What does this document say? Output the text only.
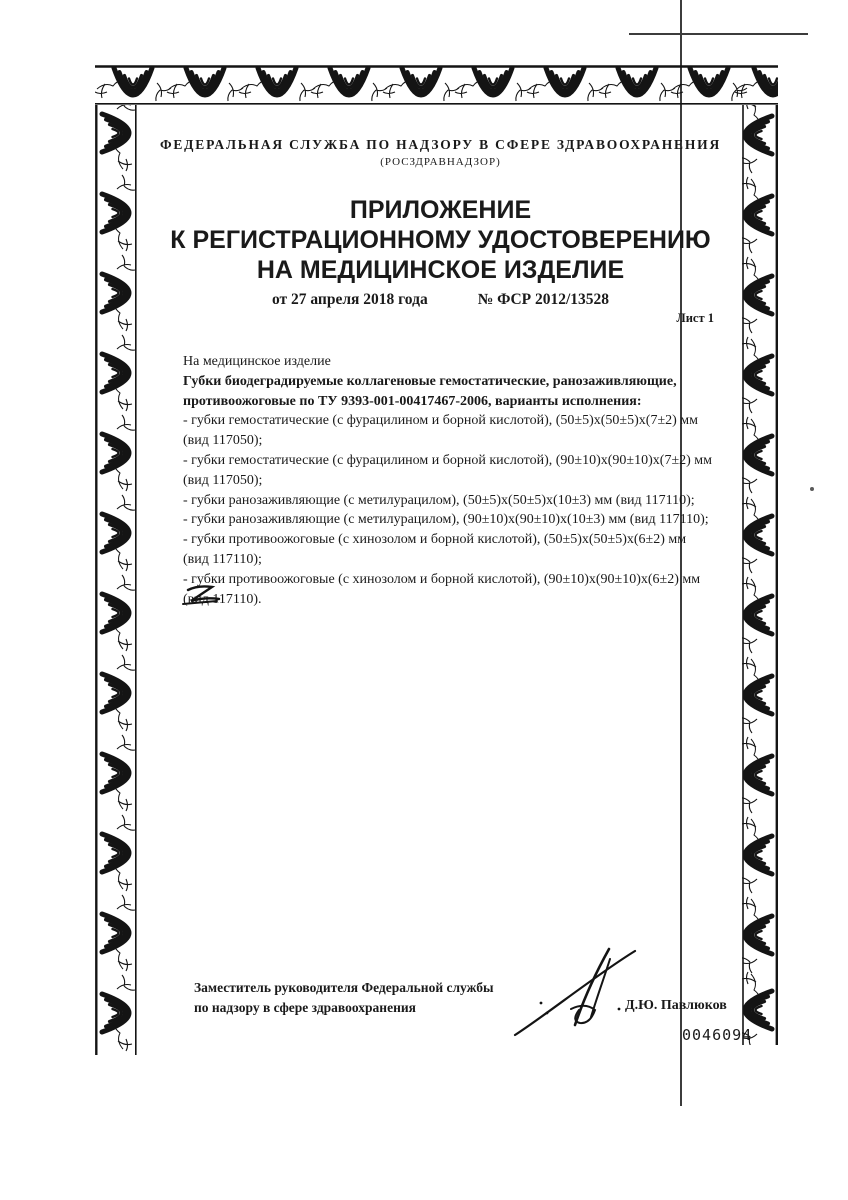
ФЕДЕРАЛЬНАЯ СЛУЖБА ПО НАДЗОРУ В СФЕРЕ ЗДРАВООХРАНЕНИЯ
(РОСЗДРАВНАДЗОР)
ПРИЛОЖЕНИЕ
К РЕГИСТРАЦИОННОМУ УДОСТОВЕРЕНИЮ
НА МЕДИЦИНСКОЕ ИЗДЕЛИЕ
от 27 апреля 2018 года	№ ФСР 2012/13528
Лист 1
На медицинское изделие
Губки биодеградируемые коллагеновые гемостатические, ранозаживляющие,
противоожоговые по ТУ 9393-001-00417467-2006, варианты исполнения:
- губки гемостатические (с фурацилином и борной кислотой), (50±5)х(50±5)х(7±2) мм
(вид 117050);
- губки гемостатические (с фурацилином и борной кислотой), (90±10)х(90±10)х(7±2) мм
(вид 117050);
- губки ранозаживляющие (с метилурацилом), (50±5)х(50±5)х(10±3) мм (вид 117110);
- губки ранозаживляющие (с метилурацилом), (90±10)х(90±10)х(10±3) мм (вид 117110);
- губки противоожоговые (с хинозолом и борной кислотой), (50±5)х(50±5)х(6±2) мм
(вид 117110);
- губки противоожоговые (с хинозолом и борной кислотой), (90±10)х(90±10)х(6±2) мм
(вид 117110).
Заместитель руководителя Федеральной службы
по надзору в сфере здравоохранения	Д.Ю. Павлюков
0046094
